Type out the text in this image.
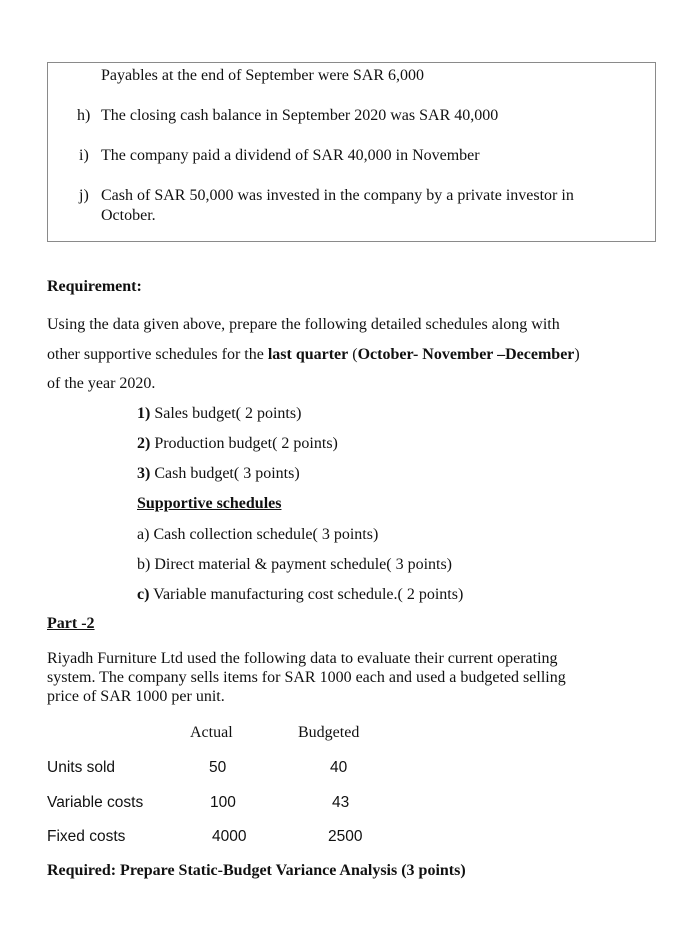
Payables at the end of September were SAR 6,000
h) The closing cash balance in September 2020 was SAR 40,000
i) The company paid a dividend of SAR 40,000 in November
j) Cash of SAR 50,000 was invested in the company by a private investor in
October.
Requirement:
Using the data given above, prepare the following detailed schedules along with
other supportive schedules for the last quarter (October- November –December)
of the year 2020.
1) Sales budget( 2 points)
2) Production budget( 2 points)
3) Cash budget( 3 points)
Supportive schedules
a) Cash collection schedule( 3 points)
b) Direct material & payment schedule( 3 points)
c) Variable manufacturing cost schedule.( 2 points)
Part -2
Riyadh Furniture Ltd used the following data to evaluate their current operating
system. The company sells items for SAR 1000 each and used a budgeted selling
price of SAR 1000 per unit.
Actual	Budgeted
Units sold	50	40
Variable costs	100	43
Fixed costs	4000	2500
Required: Prepare Static-Budget Variance Analysis (3 points)
